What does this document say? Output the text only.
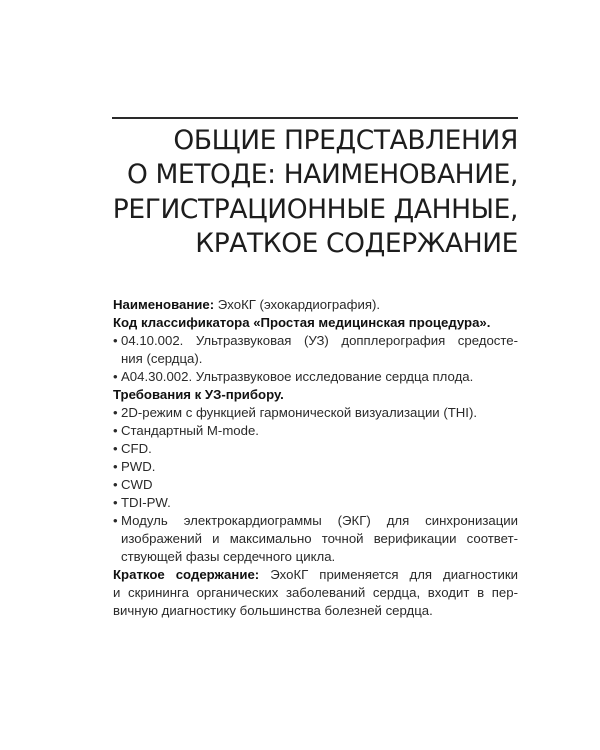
ОБЩИЕ ПРЕДСТАВЛЕНИЯ
О МЕТОДЕ: НАИМЕНОВАНИЕ,
РЕГИСТРАЦИОННЫЕ ДАННЫЕ,
КРАТКОЕ СОДЕРЖАНИЕ
Наименование: ЭхоКГ (эхокардиография).
Код классификатора «Простая медицинская процедура».
• 04.10.002. Ультразвуковая (УЗ) допплерография средосте-
ния (сердца).
• A04.30.002. Ультразвуковое исследование сердца плода.
Требования к УЗ-прибору.
• 2D-режим с функцией гармонической визуализации (THI).
• Стандартный M-mode.
• CFD.
• PWD.
• CWD
• TDI-PW.
• Модуль электрокардиограммы (ЭКГ) для синхронизации
изображений и максимально точной верификации соответ-
ствующей фазы сердечного цикла.
Краткое содержание: ЭхоКГ применяется для диагностики
и скрининга органических заболеваний сердца, входит в пер-
вичную диагностику большинства болезней сердца.
